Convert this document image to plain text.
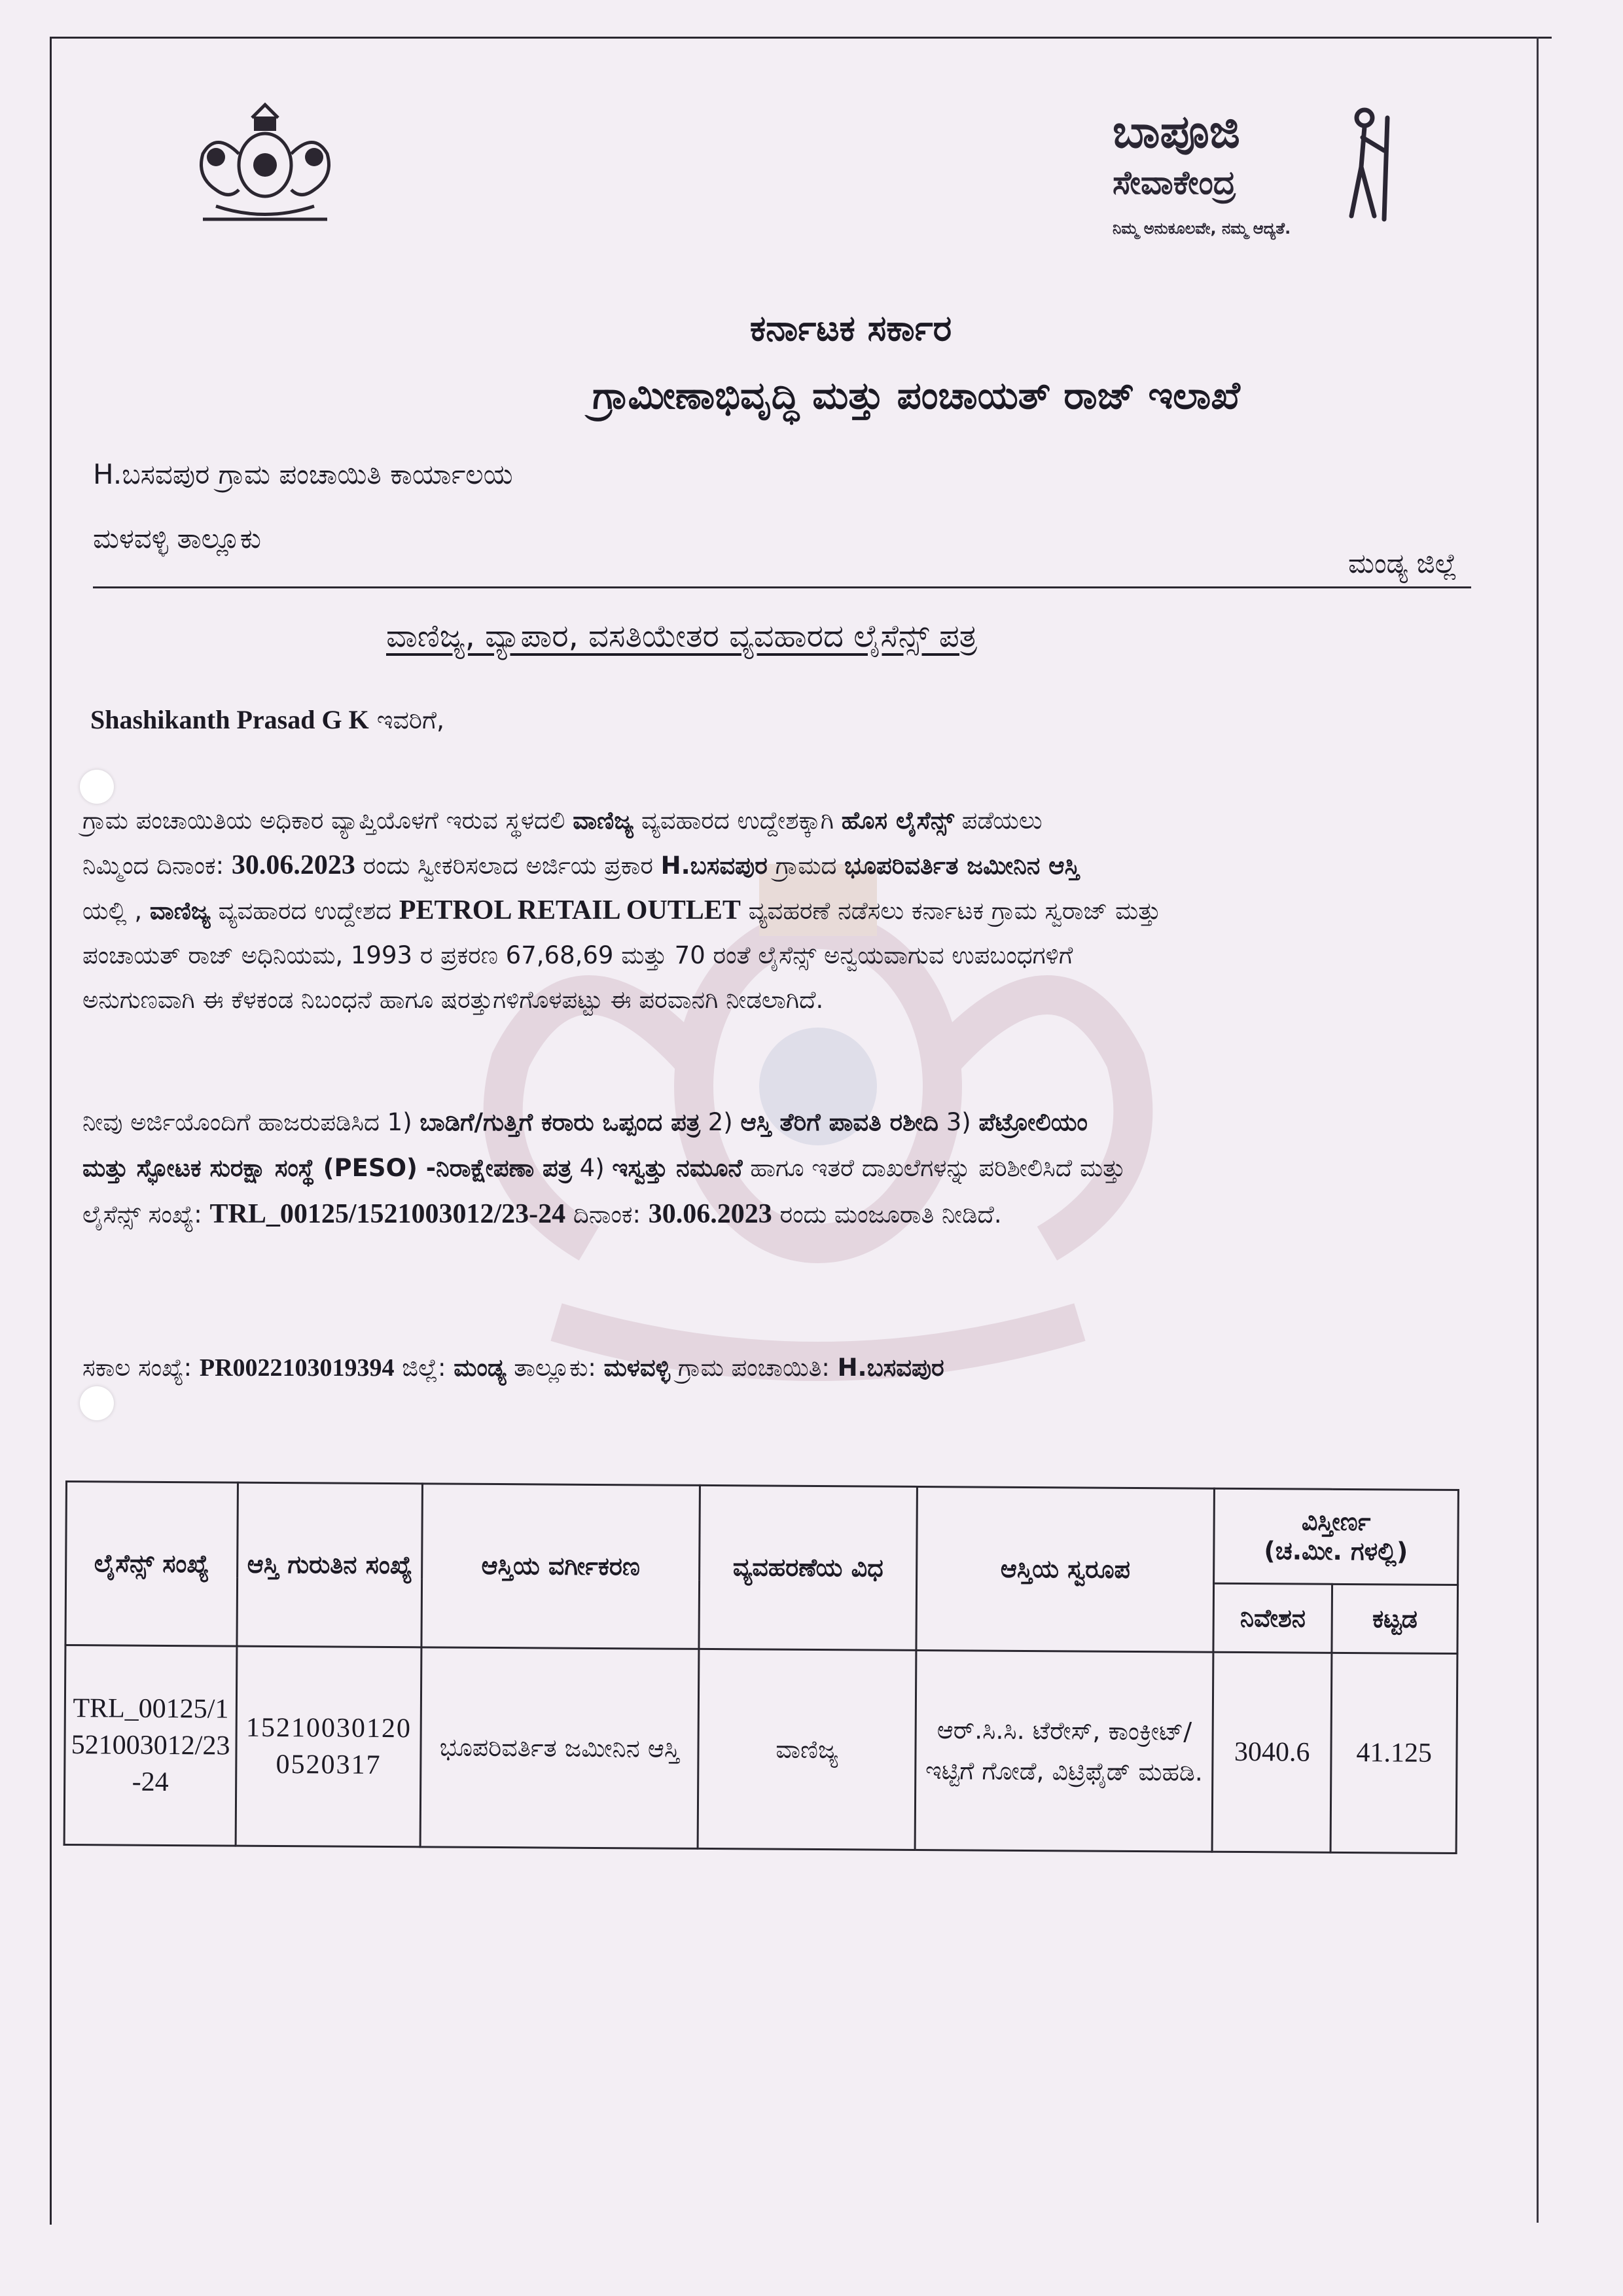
ಬಾಪೂಜಿ
ಸೇವಾಕೇಂದ್ರ
ನಿಮ್ಮ ಅನುಕೂಲವೇ, ನಮ್ಮ ಆದ್ಯತೆ.
ಕರ್ನಾಟಕ ಸರ್ಕಾರ
ಗ್ರಾಮೀಣಾಭಿವೃದ್ಧಿ ಮತ್ತು ಪಂಚಾಯತ್ ರಾಜ್ ಇಲಾಖೆ
H.ಬಸವಪುರ ಗ್ರಾಮ ಪಂಚಾಯಿತಿ ಕಾರ್ಯಾಲಯ
ಮಳವಳ್ಳಿ ತಾಲ್ಲೂಕು
ಮಂಡ್ಯ ಜಿಲ್ಲೆ
ವಾಣಿಜ್ಯ, ವ್ಯಾಪಾರ, ವಸತಿಯೇತರ ವ್ಯವಹಾರದ ಲೈಸೆನ್ಸ್ ಪತ್ರ
Shashikanth Prasad G K ಇವರಿಗೆ,
ಗ್ರಾಮ ಪಂಚಾಯಿತಿಯ ಅಧಿಕಾರ ವ್ಯಾಪ್ತಿಯೊಳಗೆ ಇರುವ ಸ್ಥಳದಲಿ ವಾಣಿಜ್ಯ ವ್ಯವಹಾರದ ಉದ್ದೇಶಕ್ಕಾಗಿ ಹೊಸ ಲೈಸೆನ್ಸ್ ಪಡೆಯಲು
ನಿಮ್ಮಿಂದ ದಿನಾಂಕ: 30.06.2023 ರಂದು ಸ್ವೀಕರಿಸಲಾದ ಅರ್ಜಿಯ ಪ್ರಕಾರ H.ಬಸವಪುರ ಗ್ರಾಮದ ಭೂಪರಿವರ್ತಿತ ಜಮೀನಿನ ಆಸ್ತಿ
ಯಲ್ಲಿ , ವಾಣಿಜ್ಯ ವ್ಯವಹಾರದ ಉದ್ದೇಶದ PETROL RETAIL OUTLET ವ್ಯವಹರಣೆ ನಡೆಸಲು ಕರ್ನಾಟಕ ಗ್ರಾಮ ಸ್ವರಾಜ್ ಮತ್ತು
ಪಂಚಾಯತ್ ರಾಜ್ ಅಧಿನಿಯಮ, 1993 ರ ಪ್ರಕರಣ 67,68,69 ಮತ್ತು 70 ರಂತೆ ಲೈಸೆನ್ಸ್ ಅನ್ವಯವಾಗುವ ಉಪಬಂಧಗಳಿಗೆ
ಅನುಗುಣವಾಗಿ ಈ ಕೆಳಕಂಡ ನಿಬಂಧನೆ ಹಾಗೂ ಷರತ್ತುಗಳಿಗೊಳಪಟ್ಟು ಈ ಪರವಾನಗಿ ನೀಡಲಾಗಿದೆ.
ನೀವು ಅರ್ಜಿಯೊಂದಿಗೆ ಹಾಜರುಪಡಿಸಿದ 1) ಬಾಡಿಗೆ/ಗುತ್ತಿಗೆ ಕರಾರು ಒಪ್ಪಂದ ಪತ್ರ 2) ಆಸ್ತಿ ತೆರಿಗೆ ಪಾವತಿ ರಶೀದಿ 3) ಪೆಟ್ರೋಲಿಯಂ
ಮತ್ತು ಸ್ಫೋಟಕ ಸುರಕ್ಷಾ ಸಂಸ್ಥೆ (PESO) -ನಿರಾಕ್ಷೇಪಣಾ ಪತ್ರ 4) ಇಸ್ವತ್ತು ನಮೂನೆ ಹಾಗೂ ಇತರೆ ದಾಖಲೆಗಳನ್ನು ಪರಿಶೀಲಿಸಿದೆ ಮತ್ತು
ಲೈಸೆನ್ಸ್ ಸಂಖ್ಯೆ: TRL_00125/1521003012/23-24 ದಿನಾಂಕ: 30.06.2023 ರಂದು ಮಂಜೂರಾತಿ ನೀಡಿದೆ.
ಸಕಾಲ ಸಂಖ್ಯೆ: PR0022103019394 ಜಿಲ್ಲೆ: ಮಂಡ್ಯ ತಾಲ್ಲೂಕು: ಮಳವಳ್ಳಿ ಗ್ರಾಮ ಪಂಚಾಯಿತಿ: H.ಬಸವಪುರ
ಲೈಸೆನ್ಸ್ ಸಂಖ್ಯೆ	ಆಸ್ತಿ ಗುರುತಿನ ಸಂಖ್ಯೆ	ಆಸ್ತಿಯ ವರ್ಗೀಕರಣ	ವ್ಯವಹರಣೆಯ ವಿಧ	ಆಸ್ತಿಯ ಸ್ವರೂಪ	ವಿಸ್ತೀರ್ಣ
(ಚ.ಮೀ. ಗಳಲ್ಲಿ)	

					ನಿವೇಶನ	ಕಟ್ಟಡ
TRL_00125/1521003012/23-24	152100301200520317	ಭೂಪರಿವರ್ತಿತ ಜಮೀನಿನ ಆಸ್ತಿ	ವಾಣಿಜ್ಯ	ಆರ್.ಸಿ.ಸಿ. ಟೆರೇಸ್, ಕಾಂಕ್ರೀಟ್/ಇಟ್ಟಿಗೆ ಗೋಡೆ, ವಿಟ್ರಿಫೈಡ್ ಮಹಡಿ.	3040.6	41.125
